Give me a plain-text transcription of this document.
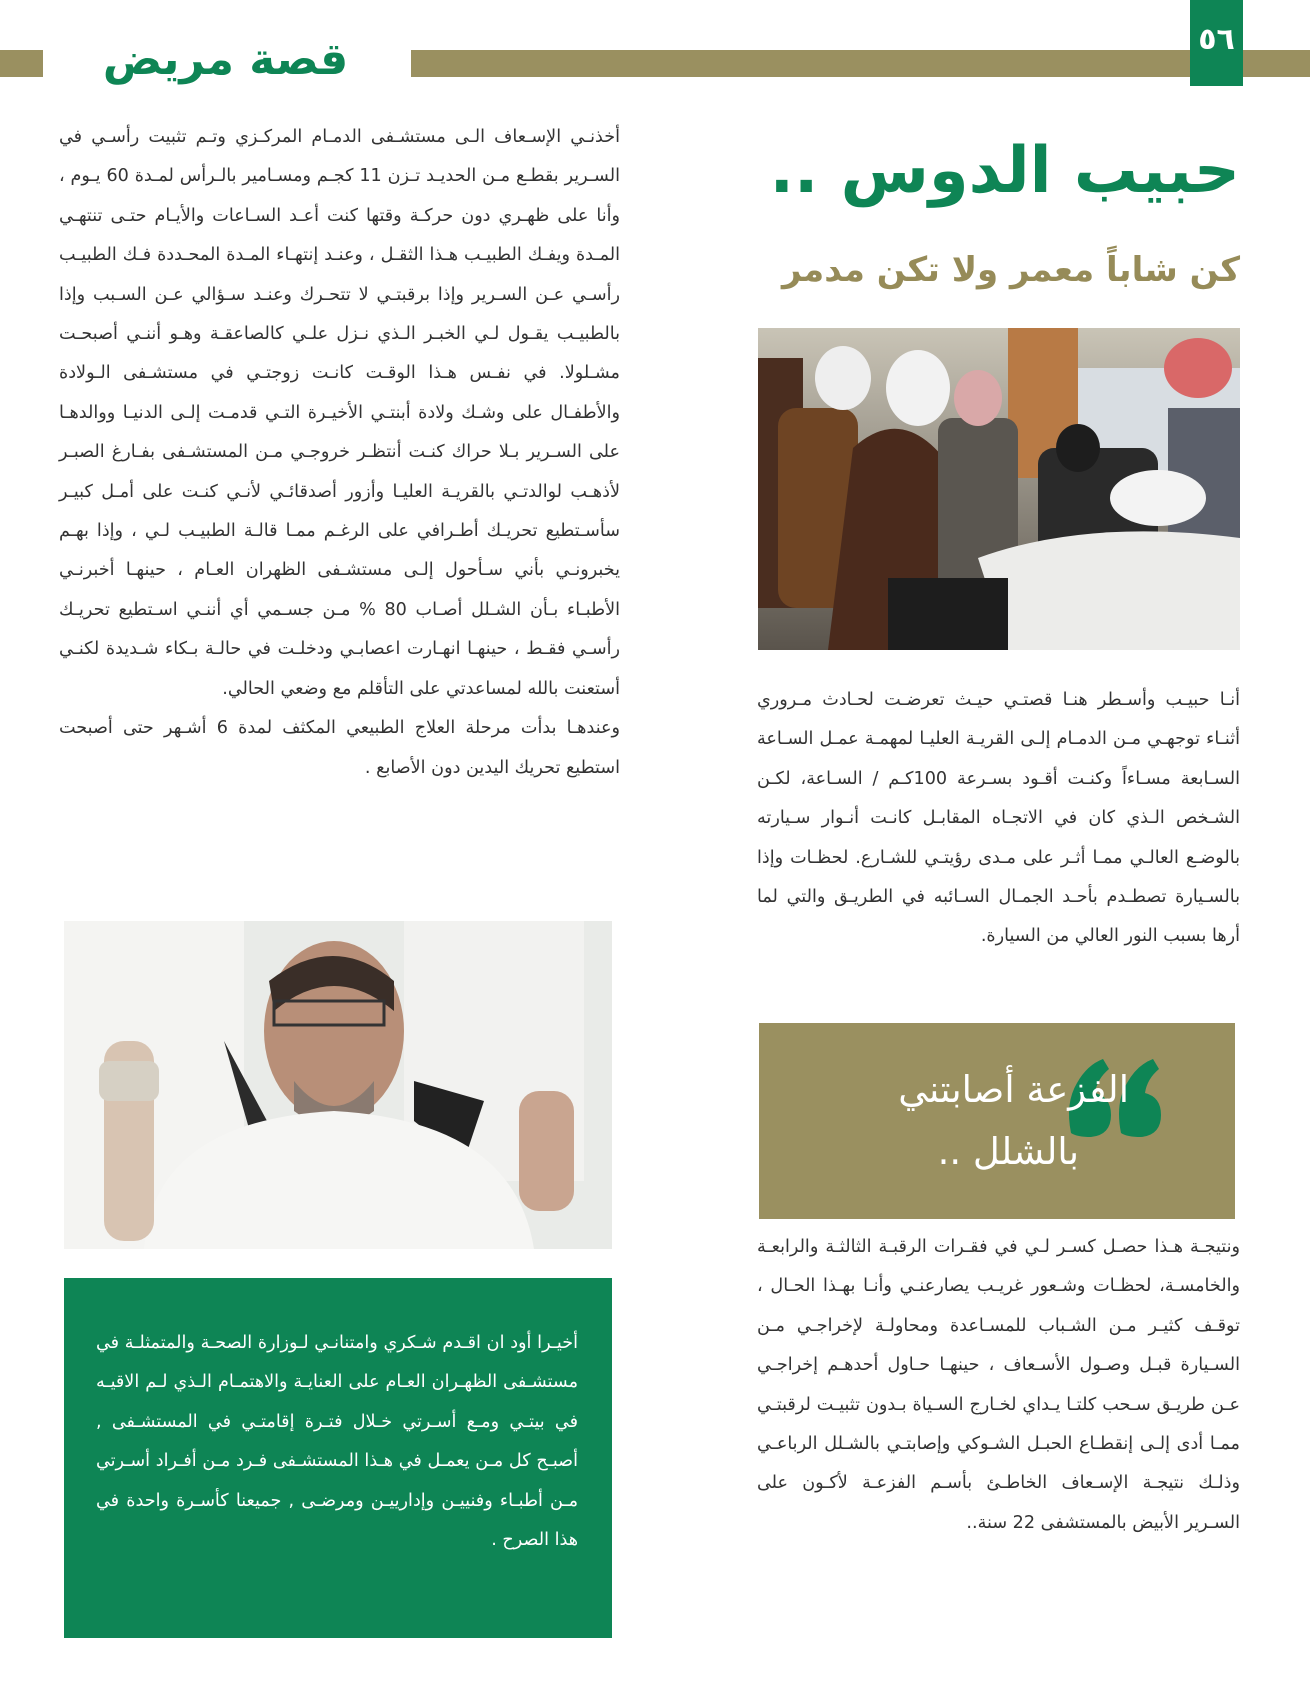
قصة مريض	٥٦
حبيب الدوس ..
كن شاباً معمر ولا تكن مدمر
أنـا حبيـب وأسـطر هنـا قصتـي حيـث تعرضـت لحـادث مـروري أثنـاء توجهـي مـن الدمـام إلـى القريـة العليـا لمهمـة عمـل السـاعة السـابعة مسـاءاً وكنـت أقـود بسـرعة 100كـم / السـاعة، لكـن الشـخص الـذي كان في الاتجـاه المقابـل كانـت أنـوار سـيارته بالوضـع العالـي ممـا أثـر على مـدى رؤيتـي للشـارع. لحظـات وإذا بالسـيارة تصطـدم بأحـد الجمـال السـائبه في الطريـق والتي لما أرها بسبب النور العالي من السيارة.
الفزعة أصابتني
بالشلل ..
ونتيجـة هـذا حصـل كسـر لـي في فقـرات الرقبـة الثالثـة والرابعـة والخامسـة، لحظـات وشـعور غريـب يصارعنـي وأنـا بهـذا الحـال ، توقـف كثيـر مـن الشـباب للمسـاعدة ومحاولـة لإخراجـي مـن السـيارة قبـل وصـول الأسـعاف ، حينهـا حـاول أحدهـم إخراجـي عـن طريـق سـحب كلتـا يـداي لخـارج السـياة بـدون تثبيـت لرقبتـي ممـا أدى إلـى إنقطـاع الحبـل الشـوكي وإصابتـي بالشـلل الرباعـي وذلـك نتيجـة الإسـعاف الخاطـئ بأسـم الفزعـة لأكـون على السـرير الأبيض بالمستشفى 22 سنة..
أخذنـي الإسـعاف الـى مستشـفى الدمـام المركـزي وتـم تثبيت رأسـي في السـرير بقطـع مـن الحديـد تـزن 11 كجـم ومسـامير بالـرأس لمـدة 60 يـوم ، وأنا على ظهـري دون حركـة وقتها كنت أعـد السـاعات والأيـام حتـى تنتهـي المـدة ويفـك الطبيـب هـذا الثقـل ، وعنـد إنتهـاء المـدة المحـددة فـك الطبيـب رأسـي عـن السـرير وإذا برقبتـي لا تتحـرك وعنـد سـؤالي عـن السـبب وإذا بالطبيـب يقـول لـي الخبـر الـذي نـزل علـي كالصاعقـة وهـو أننـي أصبحـت مشـلولا. في نفـس هـذا الوقـت كانـت زوجتـي في مستشـفى الـولادة والأطفـال على وشـك ولادة أبنتـي الأخيـرة التـي قدمـت إلـى الدنيـا ووالدهـا على السـرير بـلا حراك كنـت أنتظـر خروجـي مـن المستشـفى بفـارغ الصبـر لأذهـب لوالدتـي بالقريـة العليـا وأزور أصدقائـي لأنـي كنـت على أمـل كبيـر سأسـتطيع تحريـك أطـرافي على الرغـم ممـا قالـة الطبيـب لـي ، وإذا بهـم يخبرونـي بأني سـأحول إلـى مستشـفى الظهران العـام ، حينهـا أخبرنـي الأطبـاء بـأن الشـلل أصـاب 80 % مـن جسـمي أي أننـي اسـتطيع تحريـك رأسـي فقـط ، حينهـا انهـارت اعصابـي ودخلـت في حالـة بـكاء شـديدة لكنـي أستعنت بالله لمساعدتي على التأقلم مع وضعي الحالي.
وعندهـا بدأت مرحلة العلاج الطبيعي المكثف لمدة 6 أشـهر حتى أصبحت استطيع تحريك اليدين دون الأصابع .
أخيـرا أود ان اقـدم شـكري وامتنانـي لـوزارة الصحـة والمتمثلـة في مستشـفى الظهـران العـام على العنايـة والاهتمـام الـذي لـم الاقيـه في بيتـي ومـع أسـرتي خـلال فتـرة إقامتـي في المستشـفى , أصبـح كل مـن يعمـل في هـذا المستشـفى فـرد مـن أفـراد أسـرتي مـن أطبـاء وفنييـن وإدارييـن ومرضـى , جميعنا كأسـرة واحدة في هذا الصرح .
